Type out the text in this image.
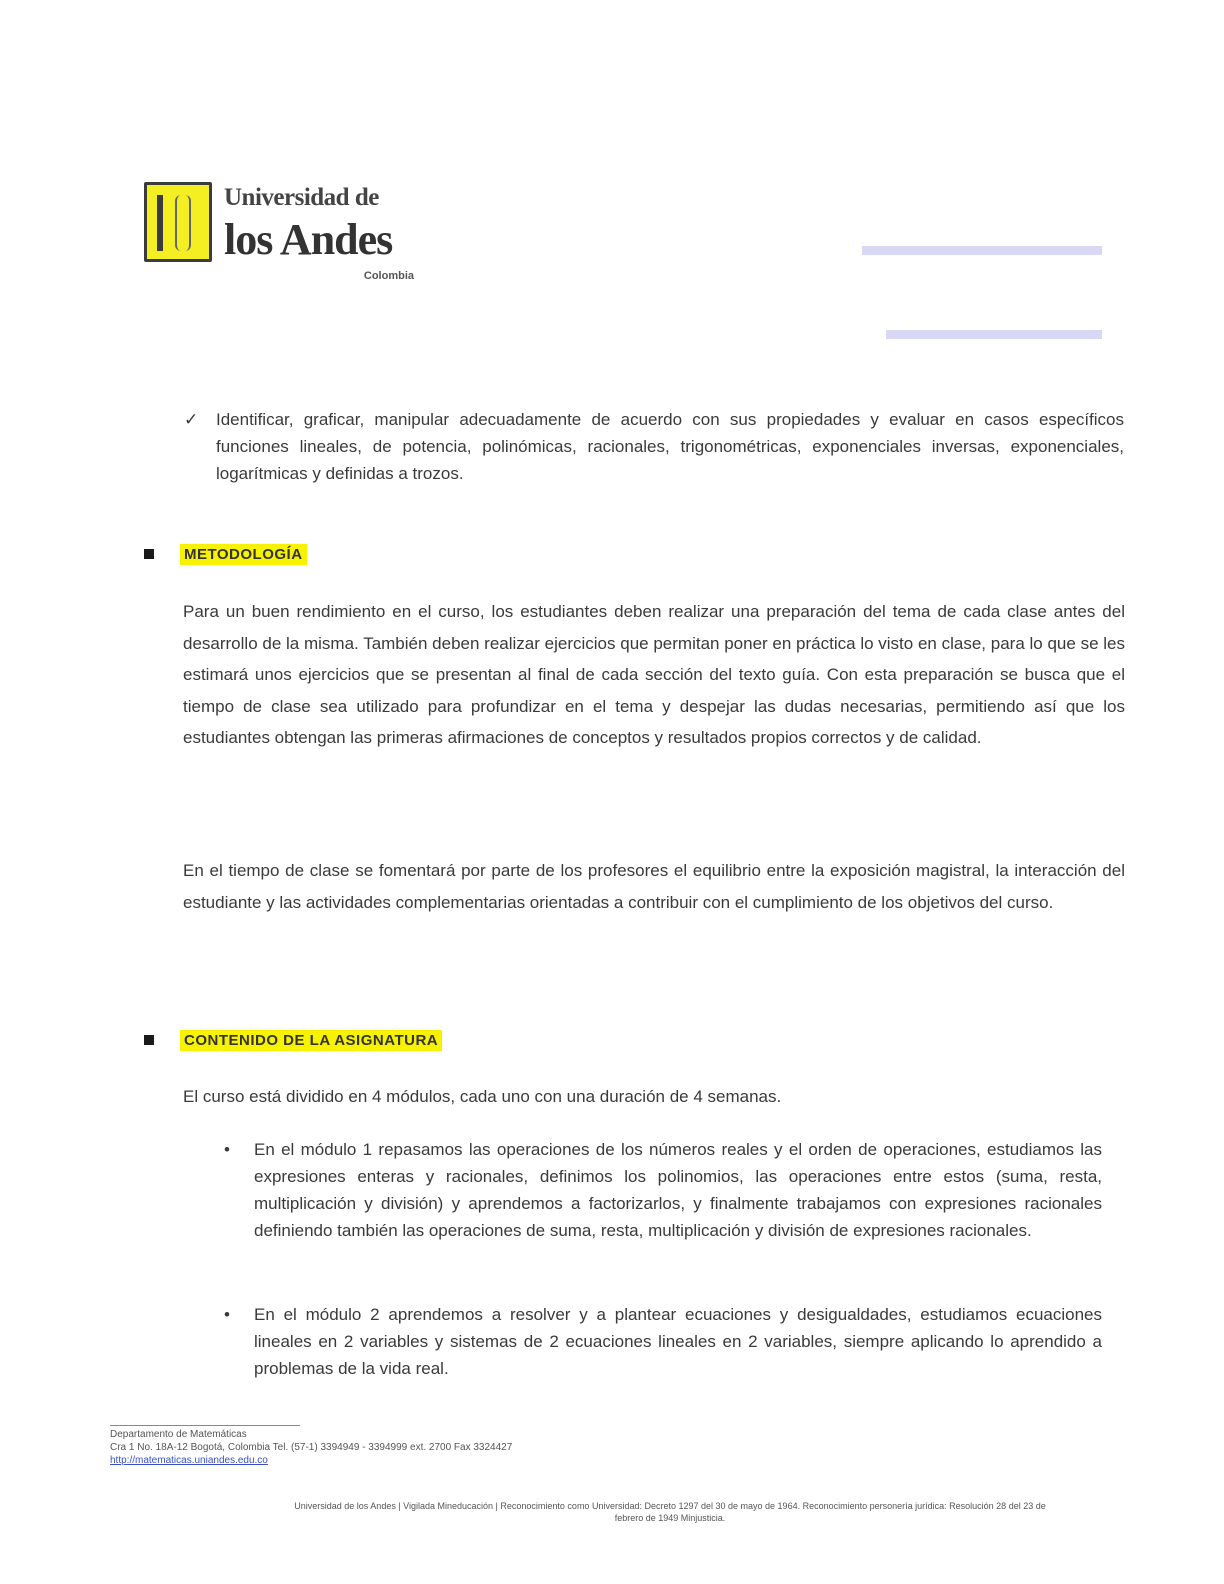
Universidad de
los Andes
Colombia
✓ Identificar, graficar, manipular adecuadamente de acuerdo con sus propiedades y evaluar en casos específicos funciones lineales, de potencia, polinómicas, racionales, trigonométricas, exponenciales inversas, exponenciales, logarítmicas y definidas a trozos.

METODOLOGÍA

Para un buen rendimiento en el curso, los estudiantes deben realizar una preparación del tema de cada clase antes del desarrollo de la misma. También deben realizar ejercicios que permitan poner en práctica lo visto en clase, para lo que se les estimará unos ejercicios que se presentan al final de cada sección del texto guía. Con esta preparación se busca que el tiempo de clase sea utilizado para profundizar en el tema y despejar las dudas necesarias, permitiendo así que los estudiantes obtengan las primeras afirmaciones de conceptos y resultados propios correctos y de calidad.

En el tiempo de clase se fomentará por parte de los profesores el equilibrio entre la exposición magistral, la interacción del estudiante y las actividades complementarias orientadas a contribuir con el cumplimiento de los objetivos del curso.

CONTENIDO DE LA ASIGNATURA

El curso está dividido en 4 módulos, cada uno con una duración de 4 semanas.

• En el módulo 1 repasamos las operaciones de los números reales y el orden de operaciones, estudiamos las expresiones enteras y racionales, definimos los polinomios, las operaciones entre estos (suma, resta, multiplicación y división) y aprendemos a factorizarlos, y finalmente trabajamos con expresiones racionales definiendo también las operaciones de suma, resta, multiplicación y división de expresiones racionales.

• En el módulo 2 aprendemos a resolver y a plantear ecuaciones y desigualdades, estudiamos ecuaciones lineales en 2 variables y sistemas de 2 ecuaciones lineales en 2 variables, siempre aplicando lo aprendido a problemas de la vida real.

Departamento de Matemáticas
Cra 1 No. 18A-12 Bogotá, Colombia Tel. (57-1) 3394949 - 3394999 ext. 2700 Fax 3324427
http://matematicas.uniandes.edu.co
Universidad de los Andes | Vigilada Mineducación | Reconocimiento como Universidad: Decreto 1297 del 30 de mayo de 1964. Reconocimiento personería jurídica: Resolución 28 del 23 de
febrero de 1949 Minjusticia.
